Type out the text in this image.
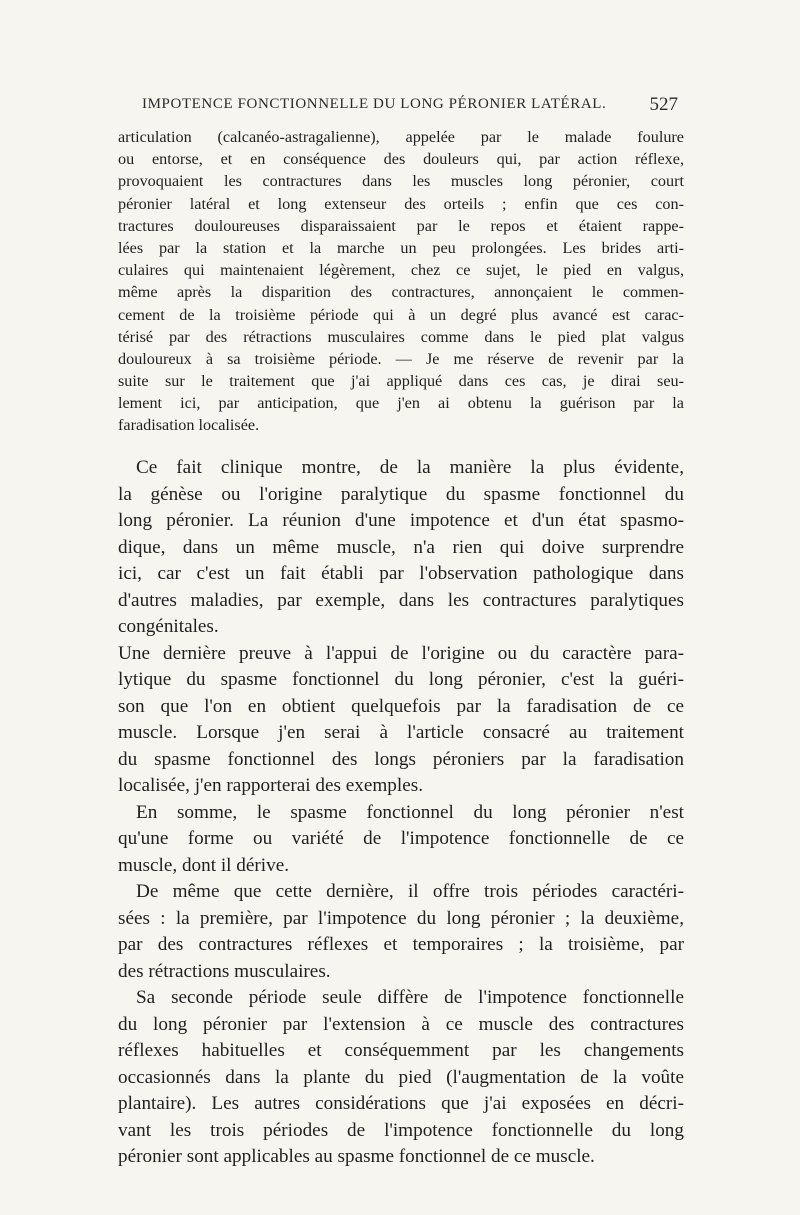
IMPOTENCE FONCTIONNELLE DU LONG PÉRONIER LATÉRAL. 527
articulation (calcanéo-astragalienne), appelée par le malade foulure
ou entorse, et en conséquence des douleurs qui, par action réflexe,
provoquaient les contractures dans les muscles long péronier, court
péronier latéral et long extenseur des orteils ; enfin que ces con-
tractures douloureuses disparaissaient par le repos et étaient rappe-
lées par la station et la marche un peu prolongées. Les brides arti-
culaires qui maintenaient légèrement, chez ce sujet, le pied en valgus,
même après la disparition des contractures, annonçaient le commen-
cement de la troisième période qui à un degré plus avancé est carac-
térisé par des rétractions musculaires comme dans le pied plat valgus
douloureux à sa troisième période. — Je me réserve de revenir par la
suite sur le traitement que j'ai appliqué dans ces cas, je dirai seu-
lement ici, par anticipation, que j'en ai obtenu la guérison par la
faradisation localisée.
Ce fait clinique montre, de la manière la plus évidente,
la génèse ou l'origine paralytique du spasme fonctionnel du
long péronier. La réunion d'une impotence et d'un état spasmo-
dique, dans un même muscle, n'a rien qui doive surprendre
ici, car c'est un fait établi par l'observation pathologique dans
d'autres maladies, par exemple, dans les contractures paralytiques
congénitales.
Une dernière preuve à l'appui de l'origine ou du caractère para-
lytique du spasme fonctionnel du long péronier, c'est la guéri-
son que l'on en obtient quelquefois par la faradisation de ce
muscle. Lorsque j'en serai à l'article consacré au traitement
du spasme fonctionnel des longs péroniers par la faradisation
localisée, j'en rapporterai des exemples.
En somme, le spasme fonctionnel du long péronier n'est
qu'une forme ou variété de l'impotence fonctionnelle de ce
muscle, dont il dérive.
De même que cette dernière, il offre trois périodes caractéri-
sées : la première, par l'impotence du long péronier ; la deuxième,
par des contractures réflexes et temporaires ; la troisième, par
des rétractions musculaires.
Sa seconde période seule diffère de l'impotence fonctionnelle
du long péronier par l'extension à ce muscle des contractures
réflexes habituelles et conséquemment par les changements
occasionnés dans la plante du pied (l'augmentation de la voûte
plantaire). Les autres considérations que j'ai exposées en décri-
vant les trois périodes de l'impotence fonctionnelle du long
péronier sont applicables au spasme fonctionnel de ce muscle.
